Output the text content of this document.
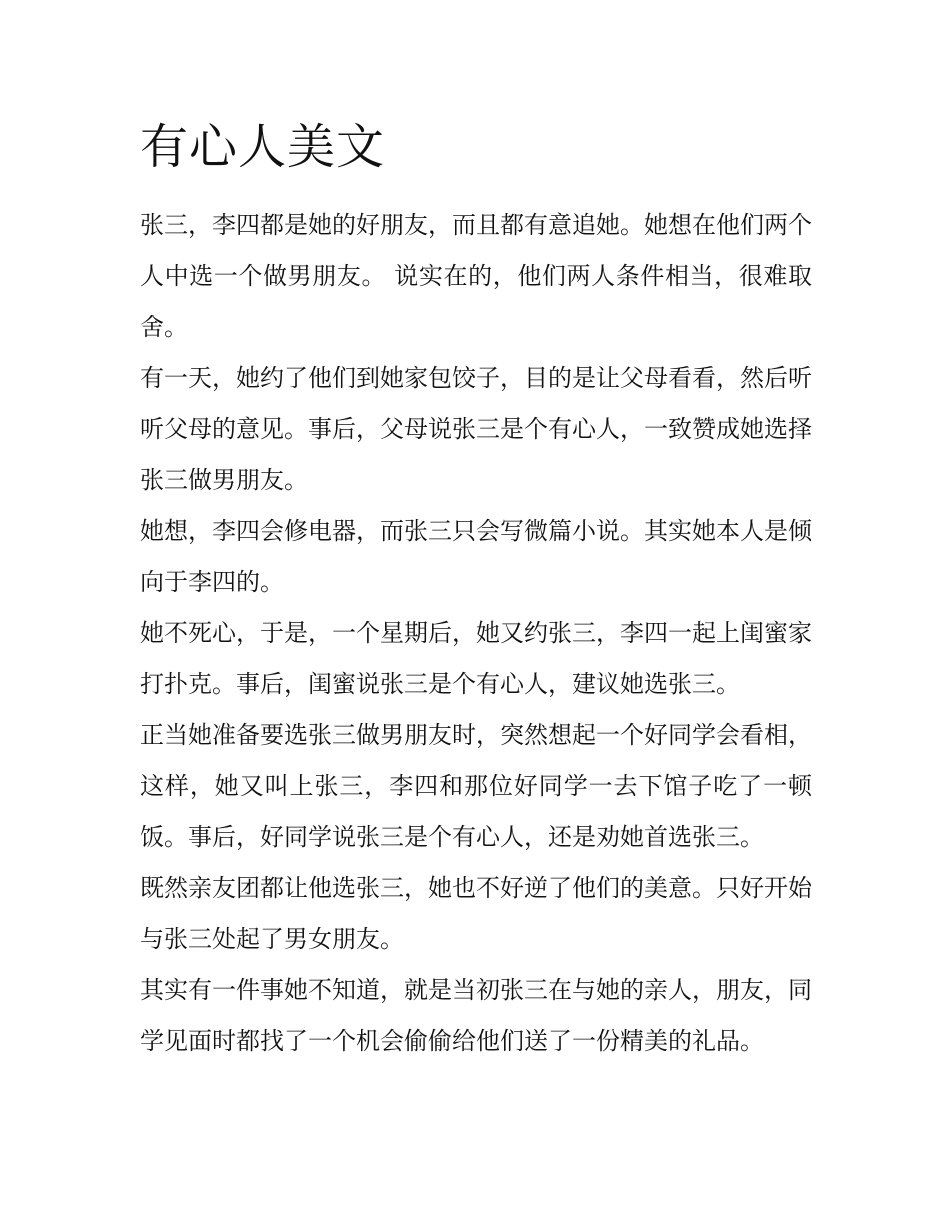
有心人美文

张三，李四都是她的好朋友，而且都有意追她。她想在他们两个人中选一个做男朋友。 说实在的，他们两人条件相当，很难取舍。

有一天，她约了他们到她家包饺子，目的是让父母看看，然后听听父母的意见。事后，父母说张三是个有心人，一致赞成她选择张三做男朋友。

她想，李四会修电器，而张三只会写微篇小说。其实她本人是倾向于李四的。

她不死心，于是，一个星期后，她又约张三，李四一起上闺蜜家打扑克。事后，闺蜜说张三是个有心人，建议她选张三。

正当她准备要选张三做男朋友时，突然想起一个好同学会看相，这样，她又叫上张三，李四和那位好同学一去下馆子吃了一顿饭。事后，好同学说张三是个有心人，还是劝她首选张三。

既然亲友团都让他选张三，她也不好逆了他们的美意。只好开始与张三处起了男女朋友。

其实有一件事她不知道，就是当初张三在与她的亲人，朋友，同学见面时都找了一个机会偷偷给他们送了一份精美的礼品。
